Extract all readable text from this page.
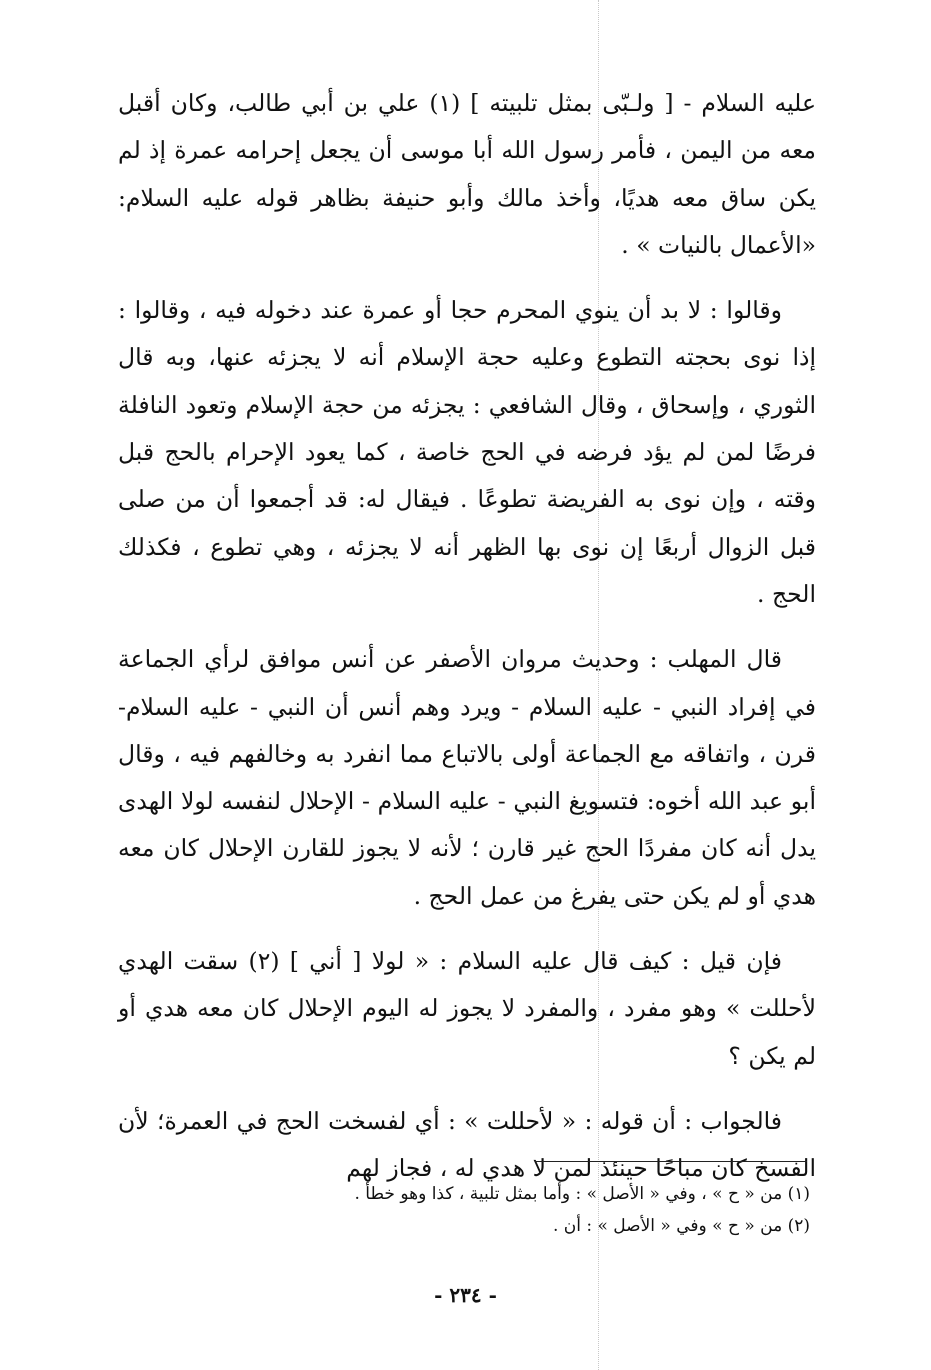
عليه السلام - [ ولـبّى بمثل تلبيته ] (١) علي بن أبي طالب، وكان أقبل معه من اليمن ، فأمر رسول الله أبا موسى أن يجعل إحرامه عمرة إذ لم يكن ساق معه هديًا، وأخذ مالك وأبو حنيفة بظاهر قوله عليه السلام: «الأعمال بالنيات » .

وقالوا : لا بد أن ينوي المحرم حجا أو عمرة عند دخوله فيه ، وقالوا : إذا نوى بحجته التطوع وعليه حجة الإسلام أنه لا يجزئه عنها، وبه قال الثوري ، وإسحاق ، وقال الشافعي : يجزئه من حجة الإسلام وتعود النافلة فرضًا لمن لم يؤد فرضه في الحج خاصة ، كما يعود الإحرام بالحج قبل وقته ، وإن نوى به الفريضة تطوعًا . فيقال له: قد أجمعوا أن من صلى قبل الزوال أربعًا إن نوى بها الظهر أنه لا يجزئه ، وهي تطوع ، فكذلك الحج .

قال المهلب : وحديث مروان الأصفر عن أنس موافق لرأي الجماعة في إفراد النبي - عليه السلام - ويرد وهم أنس أن النبي - عليه السلام- قرن ، واتفاقه مع الجماعة أولى بالاتباع مما انفرد به وخالفهم فيه ، وقال أبو عبد الله أخوه: فتسويغ النبي - عليه السلام - الإحلال لنفسه لولا الهدى يدل أنه كان مفردًا الحج غير قارن ؛ لأنه لا يجوز للقارن الإحلال كان معه هدي أو لم يكن حتى يفرغ من عمل الحج .

فإن قيل : كيف قال عليه السلام : « لولا [ أني ] (٢) سقت الهدي لأحللت » وهو مفرد ، والمفرد لا يجوز له اليوم الإحلال كان معه هدي أو لم يكن ؟

فالجواب : أن قوله : « لأحللت » : أي لفسخت الحج في العمرة؛ لأن الفسخ كان مباحًا حينئذ لمن لا هدي له ، فجاز لهم

(١) من « ح » ، وفي « الأصل » : وأما بمثل تلبية ، كذا وهو خطأ .

(٢) من « ح » وفي « الأصل » : أن .

- ٢٣٤ -
